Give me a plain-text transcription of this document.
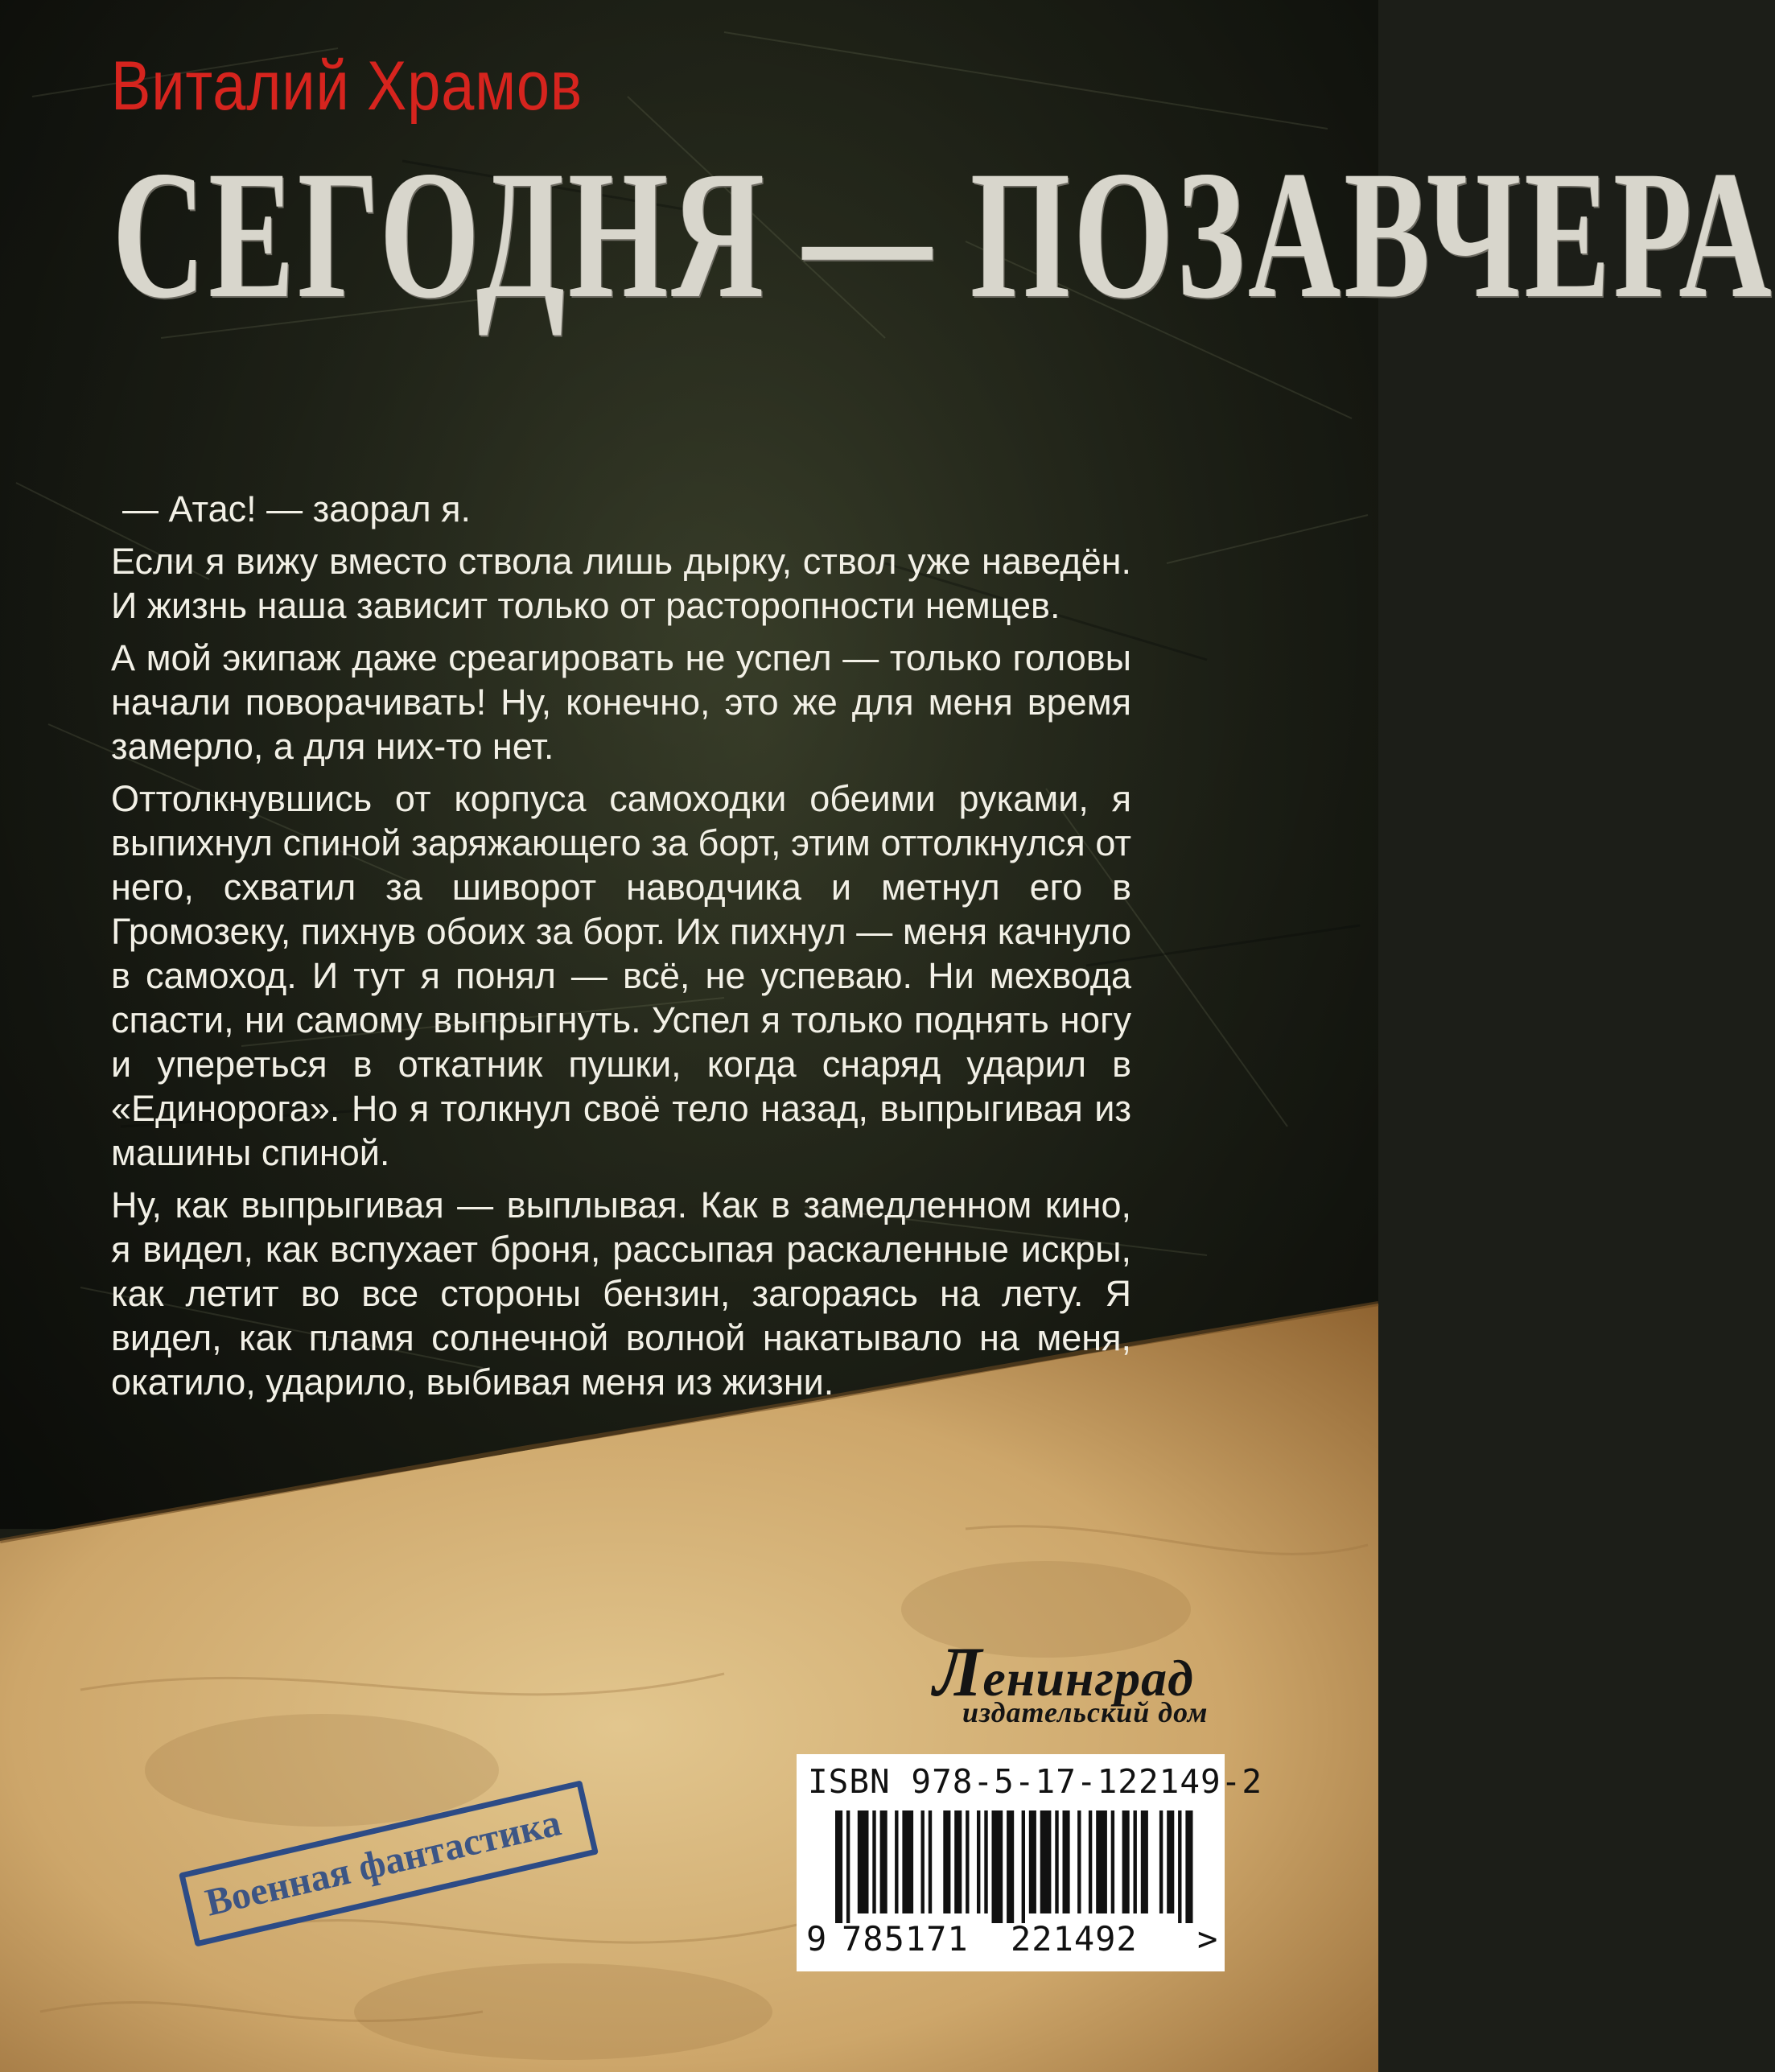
Виталий Храмов
СЕГОДНЯ — ПОЗАВЧЕРА

— Атас! — заорал я.

Если я вижу вместо ствола лишь дырку, ствол уже наведён. И жизнь наша зависит только от расторопности немцев.

А мой экипаж даже среагировать не успел — только головы начали поворачивать! Ну, конечно, это же для меня время замерло, а для них-то нет.

Оттолкнувшись от корпуса самоходки обеими руками, я выпихнул спиной заряжающего за борт, этим оттолкнулся от него, схватил за шиворот наводчика и метнул его в Громозеку, пихнув обоих за борт. Их пихнул — меня качнуло в самоход. И тут я понял — всё, не успеваю. Ни мехвода спасти, ни самому выпрыгнуть. Успел я только поднять ногу и упереться в откатник пушки, когда снаряд ударил в «Единорога». Но я толкнул своё тело назад, выпрыгивая из машины спиной.

Ну, как выпрыгивая — выплывая. Как в замедленном кино, я видел, как вспухает броня, рассыпая раскаленные искры, как летит во все стороны бензин, загораясь на лету. Я видел, как пламя солнечной волной накатывало на меня, окатило, ударило, выбивая меня из жизни.

Ленинград
издательский дом
ISBN 978-5-17-122149-2
9 785171 221492 >
Военная фантастика
